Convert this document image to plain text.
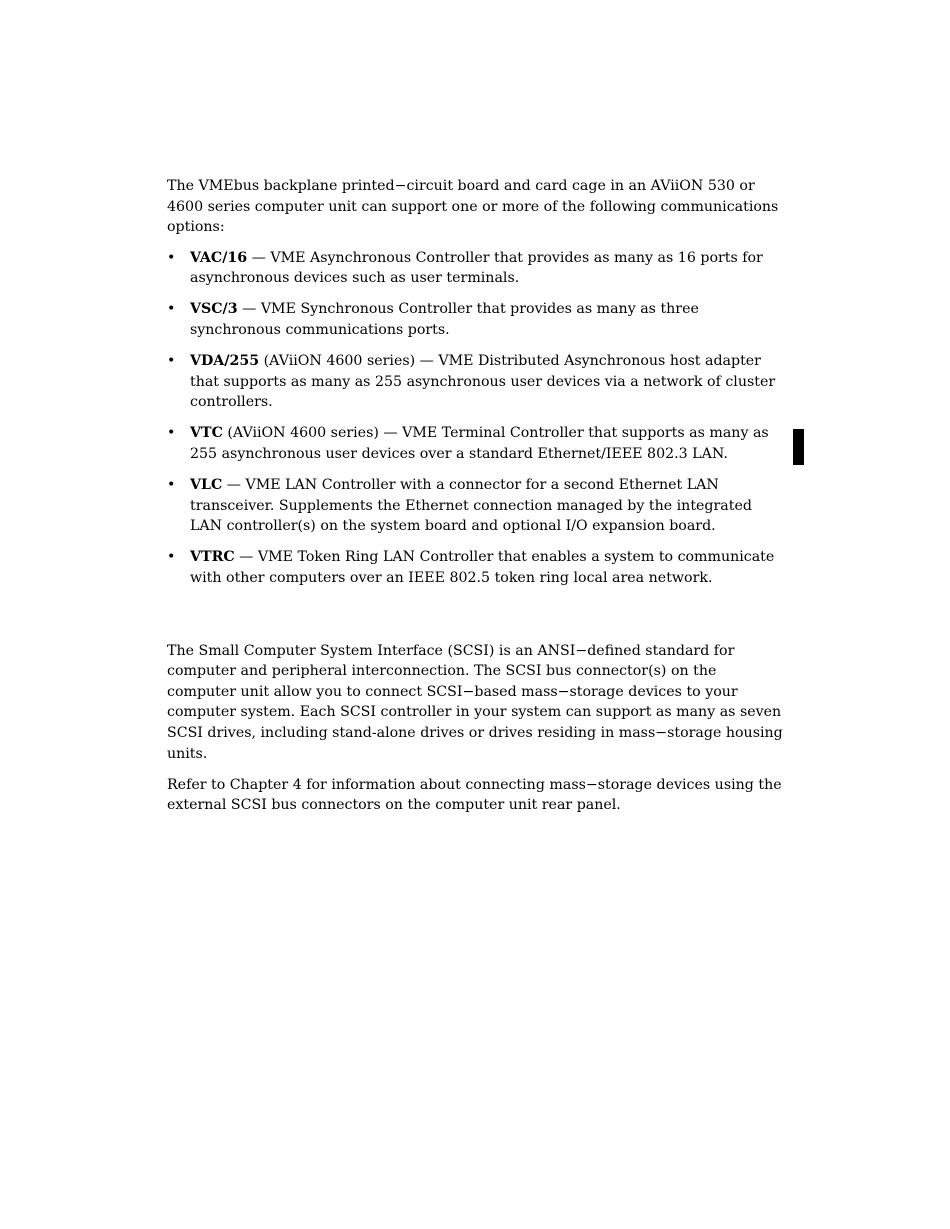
The VMEbus backplane printed−circuit board and card cage in an AViiON 530 or 4600 series computer unit can support one or more of the following communications options:

• VAC/16 — VME Asynchronous Controller that provides as many as 16 ports for asynchronous devices such as user terminals.
• VSC/3 — VME Synchronous Controller that provides as many as three synchronous communications ports.
• VDA/255 (AViiON 4600 series) — VME Distributed Asynchronous host adapter that supports as many as 255 asynchronous user devices via a network of cluster controllers.
• VTC (AViiON 4600 series) — VME Terminal Controller that supports as many as 255 asynchronous user devices over a standard Ethernet/IEEE 802.3 LAN.
• VLC — VME LAN Controller with a connector for a second Ethernet LAN transceiver. Supplements the Ethernet connection managed by the integrated LAN controller(s) on the system board and optional I/O expansion board.
• VTRC — VME Token Ring LAN Controller that enables a system to communicate with other computers over an IEEE 802.5 token ring local area network.

The Small Computer System Interface (SCSI) is an ANSI−defined standard for computer and peripheral interconnection. The SCSI bus connector(s) on the computer unit allow you to connect SCSI−based mass−storage devices to your computer system. Each SCSI controller in your system can support as many as seven SCSI drives, including stand-alone drives or drives residing in mass−storage housing units.

Refer to Chapter 4 for information about connecting mass−storage devices using the external SCSI bus connectors on the computer unit rear panel.
